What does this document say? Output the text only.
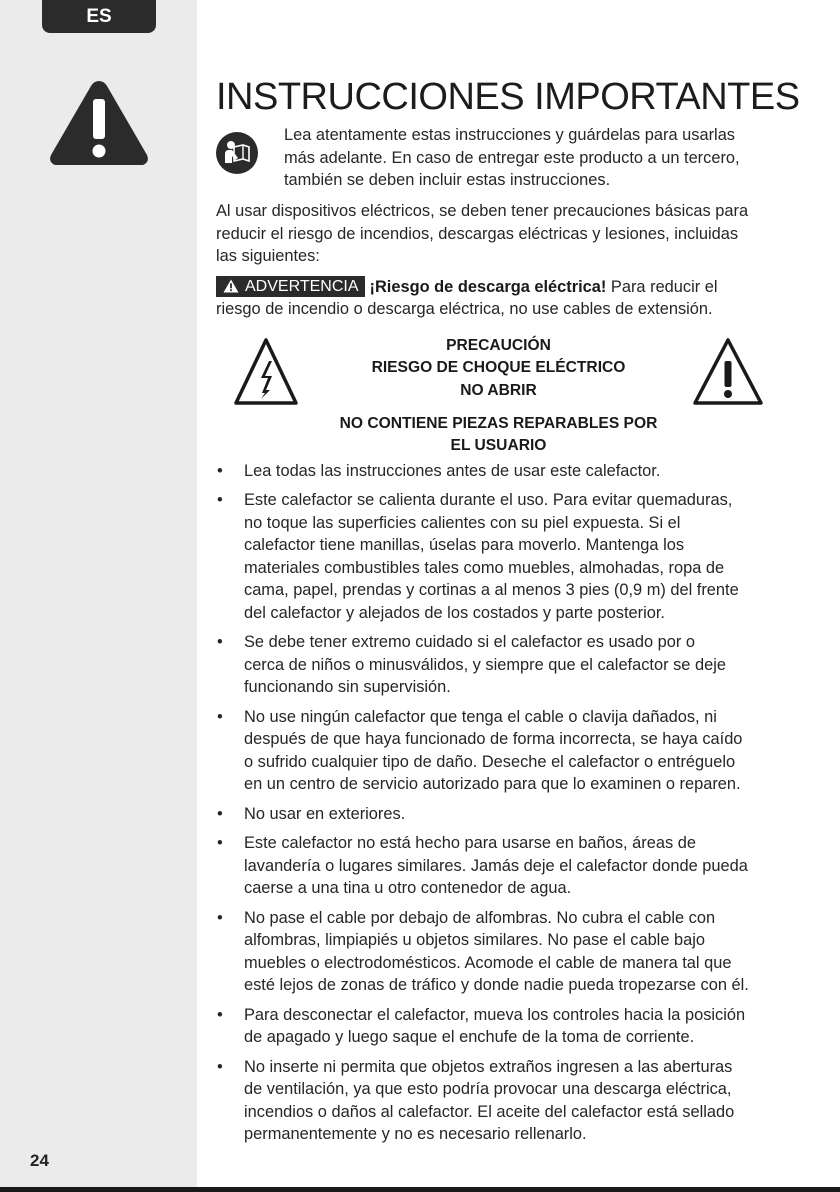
ES
24
INSTRUCCIONES IMPORTANTES
Lea atentamente estas instrucciones y guárdelas para usarlas
más adelante. En caso de entregar este producto a un tercero,
también se deben incluir estas instrucciones.

Al usar dispositivos eléctricos, se deben tener precauciones básicas para
reducir el riesgo de incendios, descargas eléctricas y lesiones, incluidas
las siguientes:

ADVERTENCIA ¡Riesgo de descarga eléctrica! Para reducir el
riesgo de incendio o descarga eléctrica, no use cables de extensión.

PRECAUCIÓN
RIESGO DE CHOQUE ELÉCTRICO
NO ABRIR
NO CONTIENE PIEZAS REPARABLES POR
EL USUARIO
• Lea todas las instrucciones antes de usar este calefactor.
• Este calefactor se calienta durante el uso. Para evitar quemaduras,
no toque las superficies calientes con su piel expuesta. Si el
calefactor tiene manillas, úselas para moverlo. Mantenga los
materiales combustibles tales como muebles, almohadas, ropa de
cama, papel, prendas y cortinas a al menos 3 pies (0,9 m) del frente
del calefactor y alejados de los costados y parte posterior.
• Se debe tener extremo cuidado si el calefactor es usado por o
cerca de niños o minusválidos, y siempre que el calefactor se deje
funcionando sin supervisión.
• No use ningún calefactor que tenga el cable o clavija dañados, ni
después de que haya funcionado de forma incorrecta, se haya caído
o sufrido cualquier tipo de daño. Deseche el calefactor o entréguelo
en un centro de servicio autorizado para que lo examinen o reparen.
• No usar en exteriores.
• Este calefactor no está hecho para usarse en baños, áreas de
lavandería o lugares similares. Jamás deje el calefactor donde pueda
caerse a una tina u otro contenedor de agua.
• No pase el cable por debajo de alfombras. No cubra el cable con
alfombras, limpiapiés u objetos similares. No pase el cable bajo
muebles o electrodomésticos. Acomode el cable de manera tal que
esté lejos de zonas de tráfico y donde nadie pueda tropezarse con él.
• Para desconectar el calefactor, mueva los controles hacia la posición
de apagado y luego saque el enchufe de la toma de corriente.
• No inserte ni permita que objetos extraños ingresen a las aberturas
de ventilación, ya que esto podría provocar una descarga eléctrica,
incendios o daños al calefactor. El aceite del calefactor está sellado
permanentemente y no es necesario rellenarlo.
